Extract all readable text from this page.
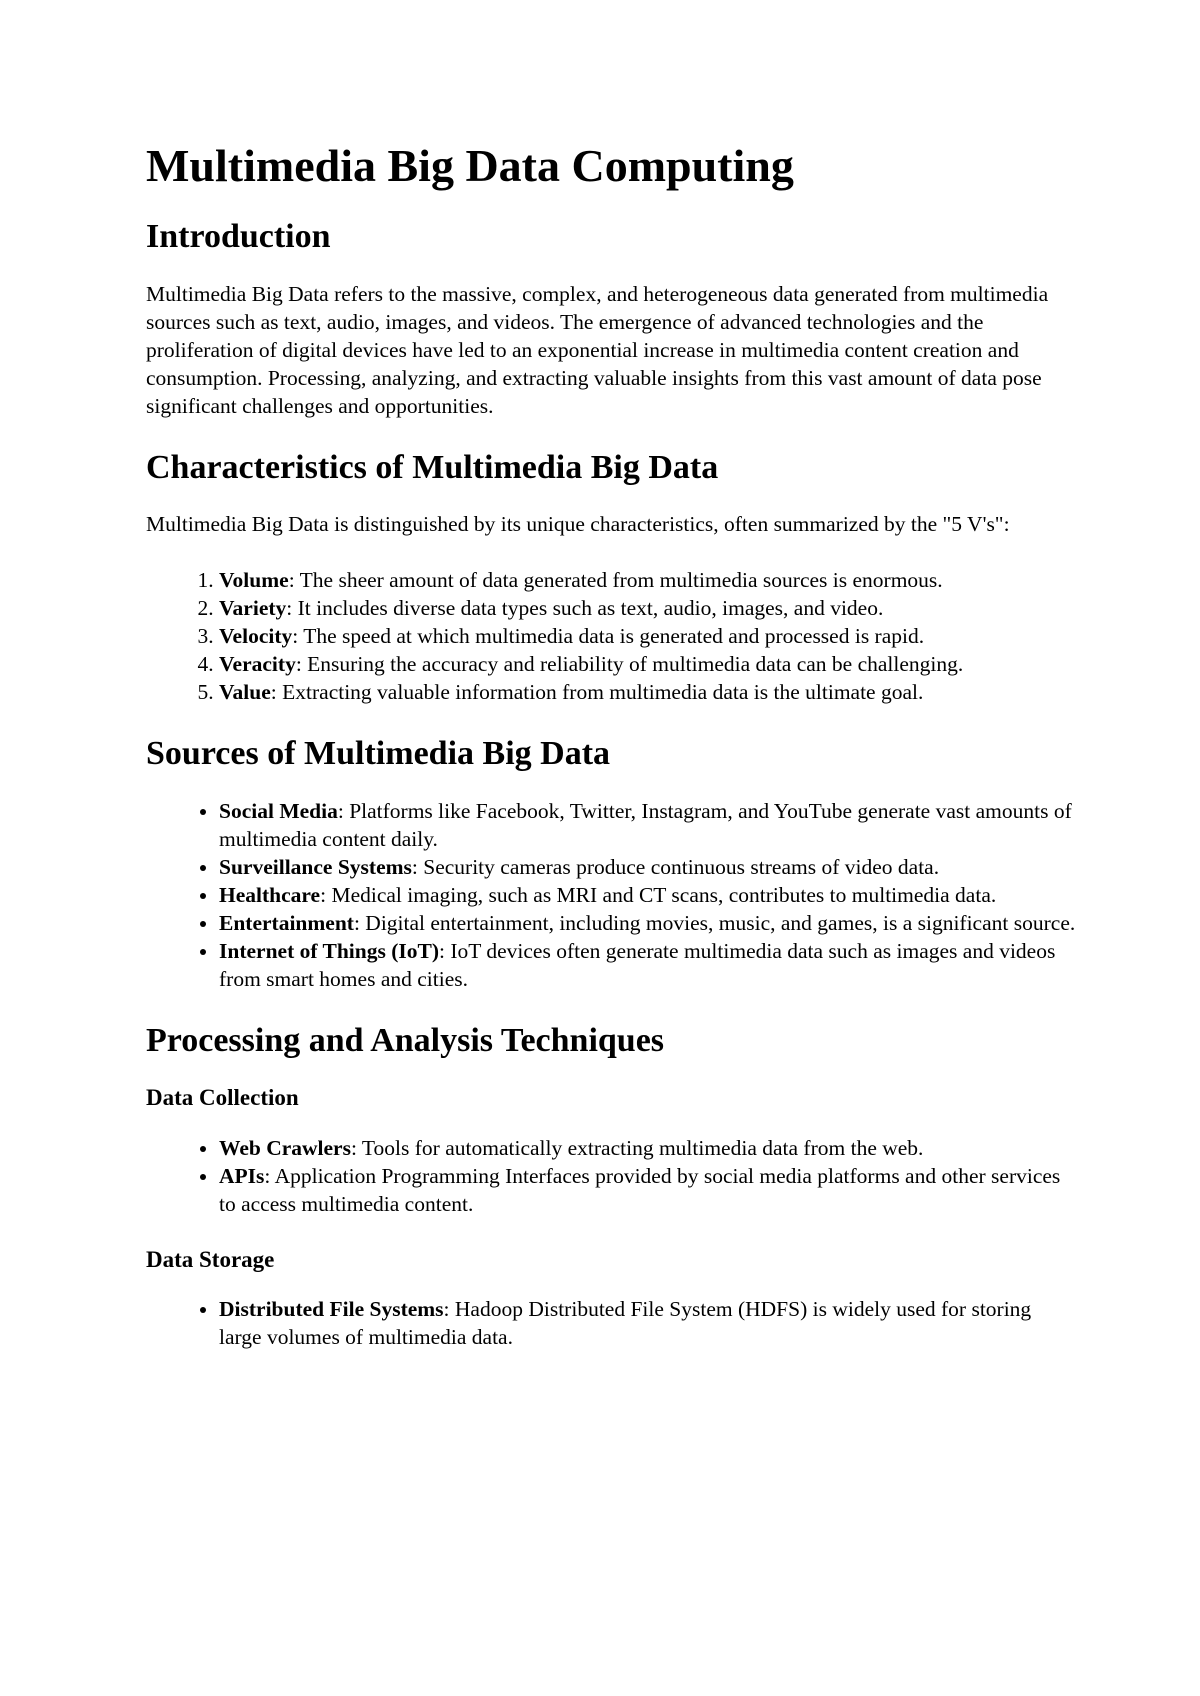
Multimedia Big Data Computing
Introduction

Multimedia Big Data refers to the massive, complex, and heterogeneous data generated from multimedia sources such as text, audio, images, and videos. The emergence of advanced technologies and the proliferation of digital devices have led to an exponential increase in multimedia content creation and consumption. Processing, analyzing, and extracting valuable insights from this vast amount of data pose significant challenges and opportunities.

Characteristics of Multimedia Big Data

Multimedia Big Data is distinguished by its unique characteristics, often summarized by the "5 V's":

1. Volume: The sheer amount of data generated from multimedia sources is enormous.
2. Variety: It includes diverse data types such as text, audio, images, and video.
3. Velocity: The speed at which multimedia data is generated and processed is rapid.
4. Veracity: Ensuring the accuracy and reliability of multimedia data can be challenging.
5. Value: Extracting valuable information from multimedia data is the ultimate goal.
Sources of Multimedia Big Data
• Social Media: Platforms like Facebook, Twitter, Instagram, and YouTube generate vast amounts of multimedia content daily.
• Surveillance Systems: Security cameras produce continuous streams of video data.
• Healthcare: Medical imaging, such as MRI and CT scans, contributes to multimedia data.
• Entertainment: Digital entertainment, including movies, music, and games, is a significant source.
• Internet of Things (IoT): IoT devices often generate multimedia data such as images and videos from smart homes and cities.
Processing and Analysis Techniques
Data Collection
• Web Crawlers: Tools for automatically extracting multimedia data from the web.
• APIs: Application Programming Interfaces provided by social media platforms and other services to access multimedia content.
Data Storage
• Distributed File Systems: Hadoop Distributed File System (HDFS) is widely used for storing large volumes of multimedia data.
